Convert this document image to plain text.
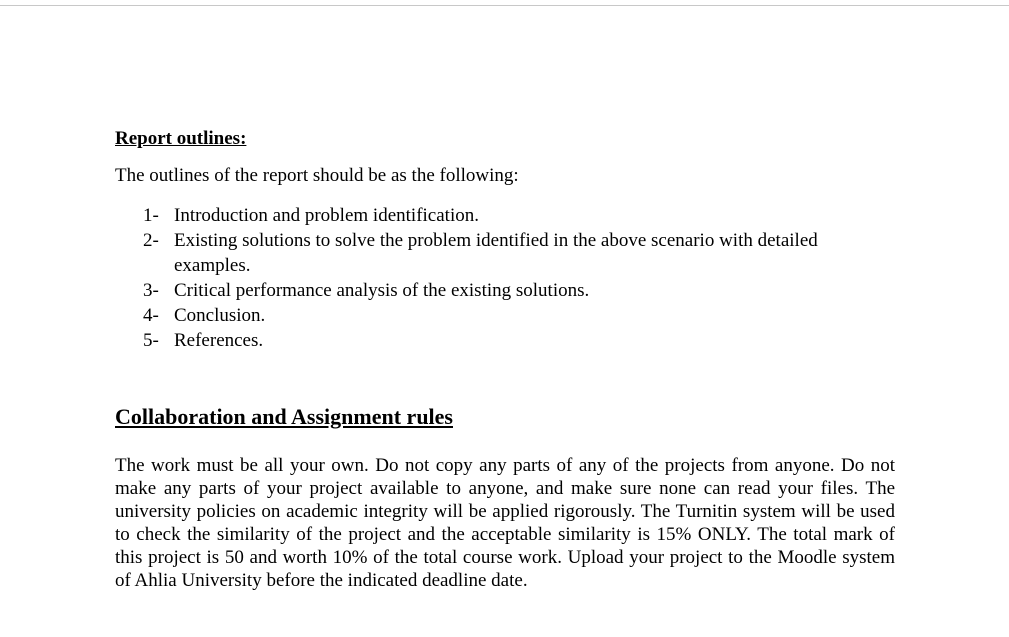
Report outlines:

The outlines of the report should be as the following:

1- Introduction and problem identification.
2- Existing solutions to solve the problem identified in the above scenario with detailed examples.
3- Critical performance analysis of the existing solutions.
4- Conclusion.
5- References.
Collaboration and Assignment rules

The work must be all your own. Do not copy any parts of any of the projects from anyone. Do not make any parts of your project available to anyone, and make sure none can read your files. The university policies on academic integrity will be applied rigorously. The Turnitin system will be used to check the similarity of the project and the acceptable similarity is 15% ONLY. The total mark of this project is 50 and worth 10% of the total course work. Upload your project to the Moodle system of Ahlia University before the indicated deadline date.
